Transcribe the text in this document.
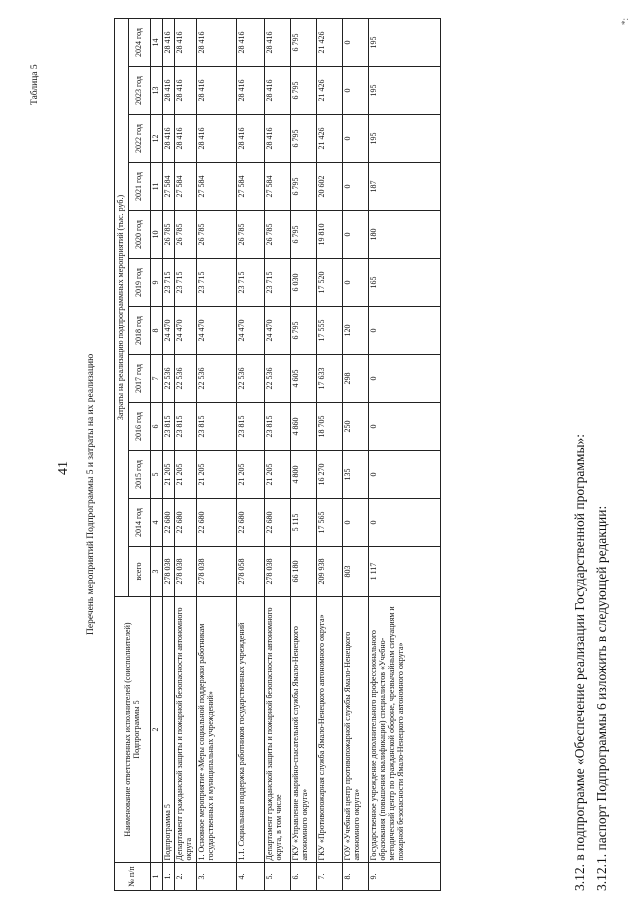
41
Таблица 5
Перечень мероприятий Подпрограммы 5 и затраты на их реализацию
№ п/п	Наименование ответственных исполнителей (соисполнителей) Подпрограммы 5	Затраты на реализацию подпрограммных мероприятий (тыс. руб.)											
		всего	2014 год	2015 год	2016 год	2017 год	2018 год	2019 год	2020 год	2021 год	2022 год	2023 год	2024 год
1	2	3	4	5	6	7	8	9	10	11	12	13	14
1.	Подпрограмма 5	278 038	22 680	21 205	23 815	22 536	24 470	23 715	26 785	27 584	28 416	28 416	28 416
2.	Департамент гражданской защиты и пожарной безопасности автономного округа	278 038	22 680	21 205	23 815	22 536	24 470	23 715	26 785	27 584	28 416	28 416	28 416
3.	1. Основное мероприятие «Меры социальной поддержки работникам государственных и муниципальных учреждений»	278 038	22 680	21 205	23 815	22 536	24 470	23 715	26 785	27 584	28 416	28 416	28 416
4.	1.1. Социальная поддержка работников государственных учреждений	278 058	22 680	21 205	23 815	22 536	24 470	23 715	26 785	27 584	28 416	28 416	28 416
5.	Департамент гражданской защиты и пожарной безопасности автономного округа, в том числе	278 038	22 680	21 205	23 815	22 536	24 470	23 715	26 785	27 584	28 416	28 416	28 416
6.	ГКУ «Управление аварийно-спасательной службы Ямало-Ненецкого автономного округа»	66 180	5 115	4 800	4 860	4 605	6 795	6 030	6 795	6 795	6 795	6 795	6 795
7.	ГКУ «Противопожарная служба Ямало-Ненецкого автономного округа»	209 938	17 565	16 270	18 705	17 633	17 555	17 520	19 810	20 602	21 426	21 426	21 426
8.	ГОУ «Учебный центр противопожарной службы Ямало-Ненецкого автономного округа»	803	0	135	250	298	120	0	0	0	0	0	0
9.	Государственное учреждение дополнительного профессионального образования (повышения квалификации) специалистов «Учебно-методический центр по гражданской обороне, чрезвычайным ситуациям и пожарной безопасности Ямало-Ненецкого автономного округа»	1 117	0	0	0	0	0	165	180	187	195	195	195
3.12. в подпрограмме «Обеспечение реализации Государственной программы»: 3.12.1. паспорт Подпрограммы 6 изложить в следующей редакции:
*:
